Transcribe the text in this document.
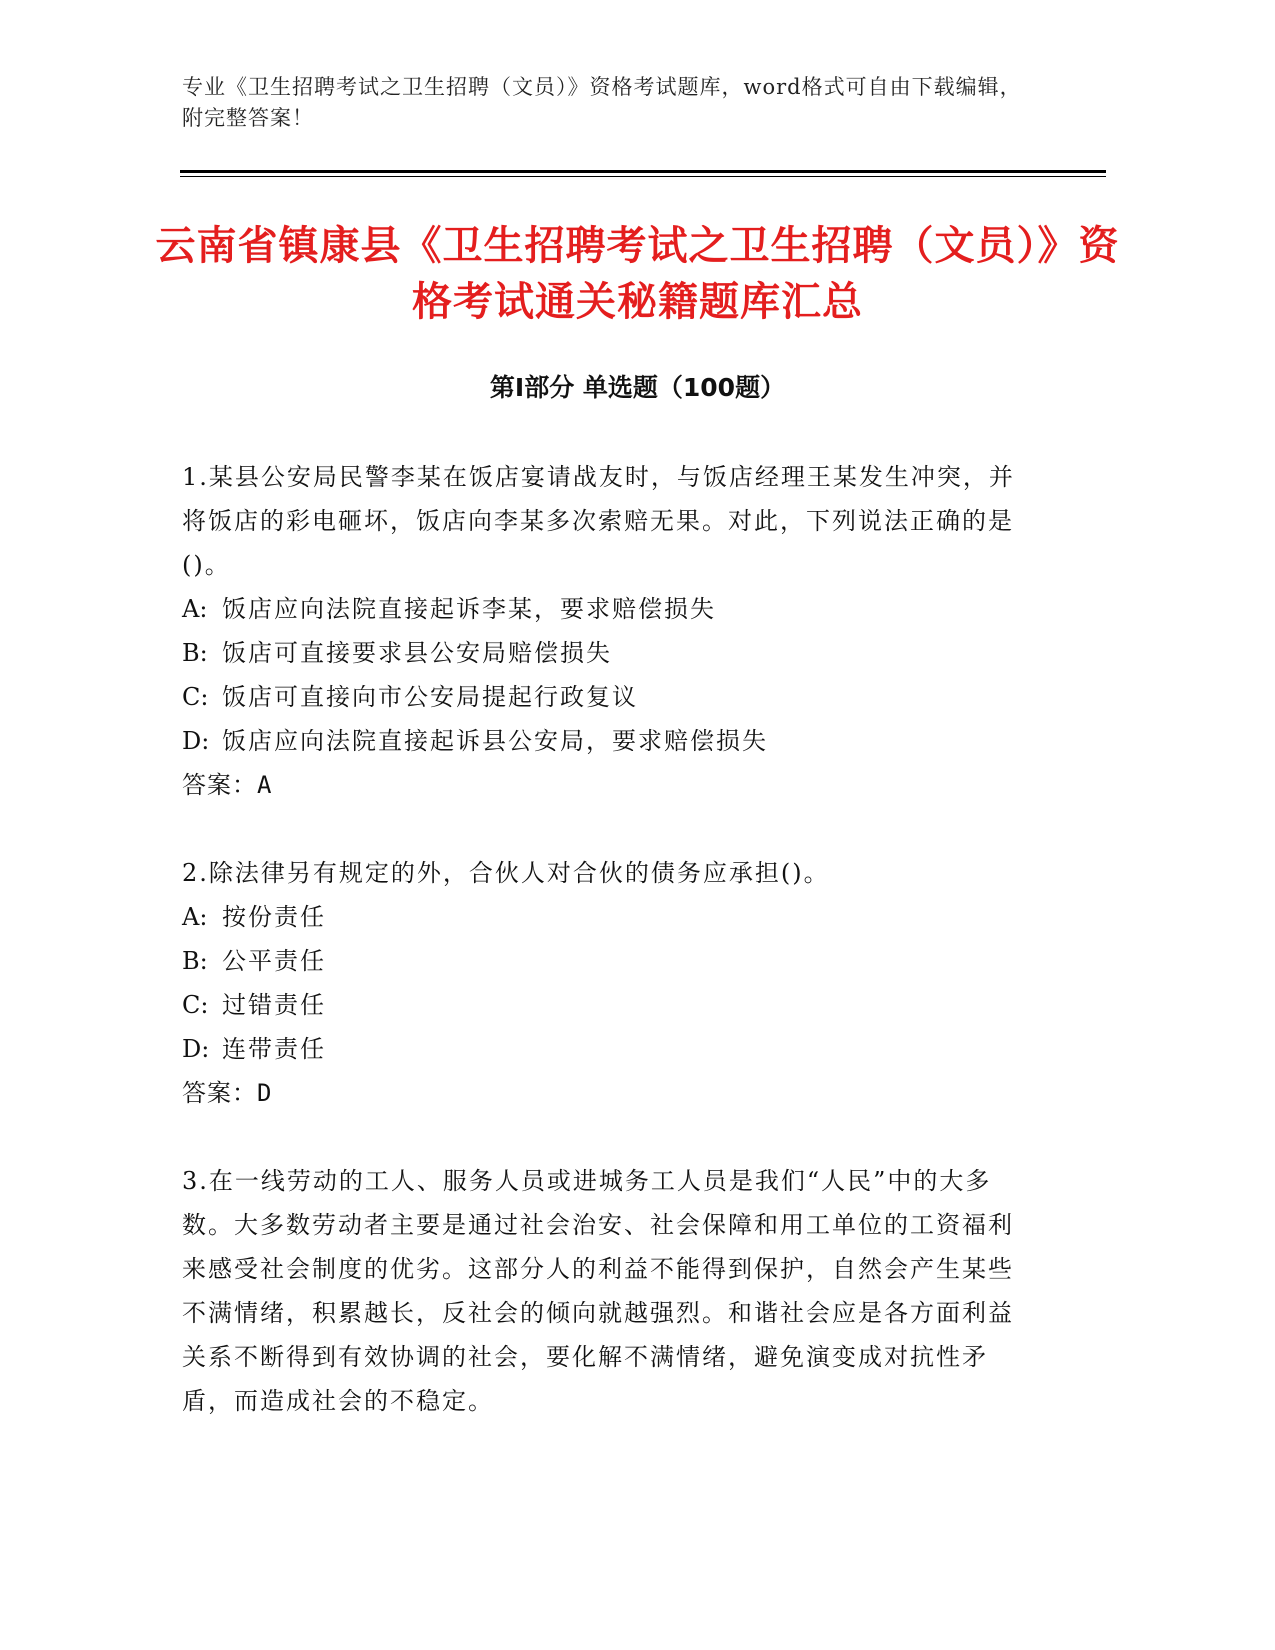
专业《卫生招聘考试之卫生招聘（文员）》资格考试题库，word格式可自由下载编辑，附完整答案！
云南省镇康县《卫生招聘考试之卫生招聘（文员）》资格考试通关秘籍题库汇总
第Ⅰ部分 单选题（100题）

1.某县公安局民警李某在饭店宴请战友时，与饭店经理王某发生冲突，并将饭店的彩电砸坏，饭店向李某多次索赔无果。对此，下列说法正确的是()。

A: 饭店应向法院直接起诉李某，要求赔偿损失

B: 饭店可直接要求县公安局赔偿损失

C: 饭店可直接向市公安局提起行政复议

D: 饭店应向法院直接起诉县公安局，要求赔偿损失

答案：A

2.除法律另有规定的外，合伙人对合伙的债务应承担()。

A: 按份责任

B: 公平责任

C: 过错责任

D: 连带责任

答案：D

3.在一线劳动的工人、服务人员或进城务工人员是我们“人民”中的大多数。大多数劳动者主要是通过社会治安、社会保障和用工单位的工资福利来感受社会制度的优劣。这部分人的利益不能得到保护，自然会产生某些不满情绪，积累越长，反社会的倾向就越强烈。和谐社会应是各方面利益关系不断得到有效协调的社会，要化解不满情绪，避免演变成对抗性矛盾，而造成社会的不稳定。
